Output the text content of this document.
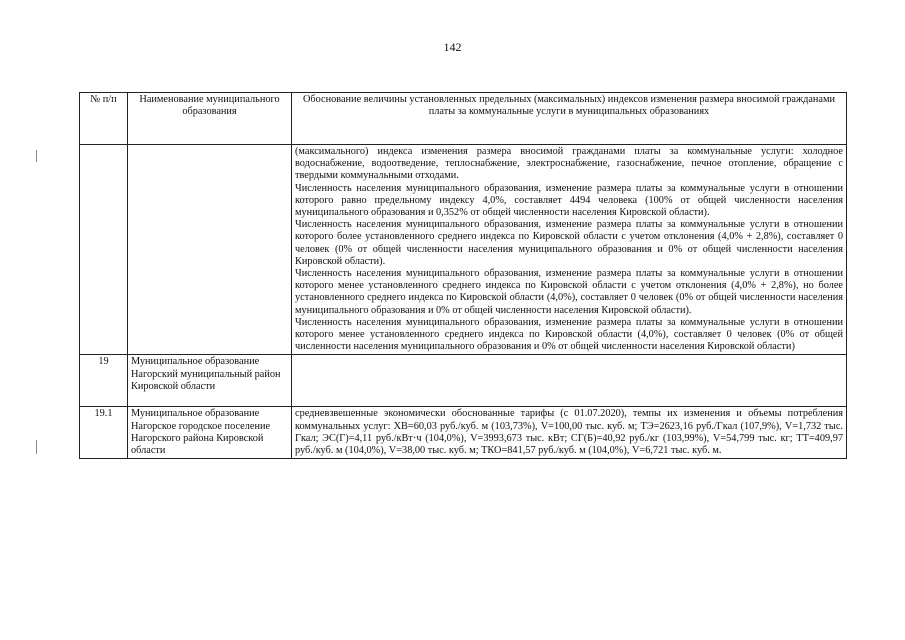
142
№ п/п	Наименование муниципального образования	Обоснование величины установленных предельных (максимальных) индексов изменения размера вносимой гражданами платы за коммунальные услуги в муниципальных образованиях

		(максимального) индекса изменения размера вносимой гражданами платы за коммунальные услуги: холодное водоснабжение, водоотведение, теплоснабжение, электроснабжение, газоснабжение, печное отопление, обращение с твердыми коммунальными отходами.
Численность населения муниципального образования, изменение размера платы за коммунальные услуги в отношении которого равно предельному индексу 4,0%, составляет 4494 человека (100% от общей численности населения муниципального образования и 0,352% от общей численности населения Кировской области).
Численность населения муниципального образования, изменение размера платы за коммунальные услуги в отношении которого более установленного среднего индекса по Кировской области с учетом отклонения (4,0% + 2,8%), составляет 0 человек (0% от общей численности населения муниципального образования и 0% от общей численности населения Кировской области).
Численность населения муниципального образования, изменение размера платы за коммунальные услуги в отношении которого менее установленного среднего индекса по Кировской области с учетом отклонения (4,0% + 2,8%), но более установленного среднего индекса по Кировской области (4,0%), составляет 0 человек (0% от общей численности населения муниципального образования и 0% от общей численности населения Кировской области).
Численность населения муниципального образования, изменение размера платы за коммунальные услуги в отношении которого менее установленного среднего индекса по Кировской области (4,0%), составляет 0 человек (0% от общей численности населения муниципального образования и 0% от общей численности населения Кировской области)

19	Муниципальное образование Нагорский муниципальный район Кировской области	

19.1	Муниципальное образование Нагорское городское поселение Нагорского района Кировской области	средневзвешенные экономически обоснованные тарифы (с 01.07.2020), темпы их изменения и объемы потребления коммунальных услуг: ХВ=60,03 руб./куб. м (103,73%), V=100,00 тыс. куб. м; ТЭ=2623,16 руб./Гкал (107,9%), V=1,732 тыс. Гкал; ЭС(Г)=4,11 руб./кВт·ч (104,0%), V=3993,673 тыс. кВт; СГ(Б)=40,92 руб./кг (103,99%), V=54,799 тыс. кг; ТТ=409,97 руб./куб. м (104,0%), V=38,00 тыс. куб. м; ТКО=841,57 руб./куб. м (104,0%), V=6,721 тыс. куб. м.
